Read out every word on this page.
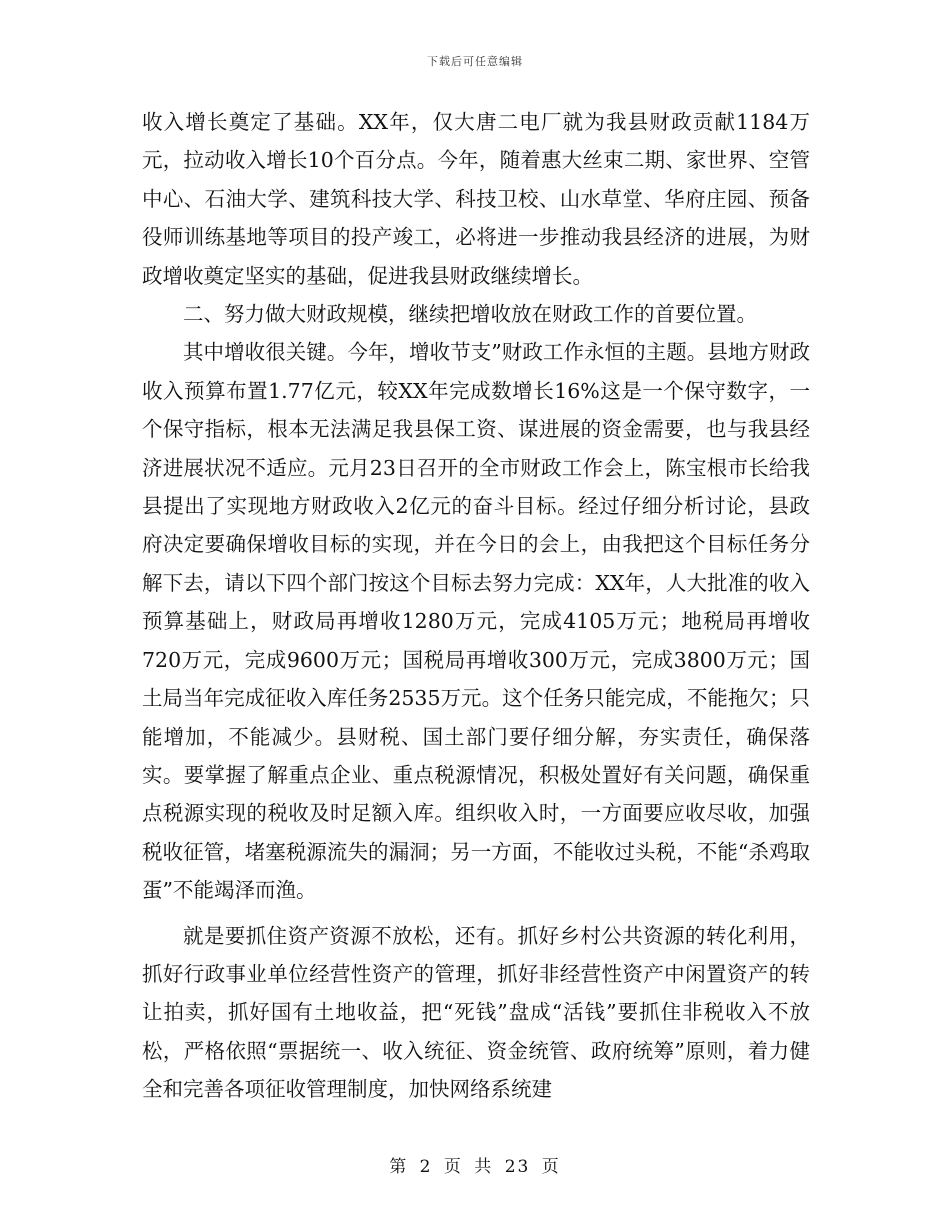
下载后可任意编辑

收入增长奠定了基础。XX年，仅大唐二电厂就为我县财政贡献1184万元，拉动收入增长10个百分点。今年，随着惠大丝束二期、家世界、空管中心、石油大学、建筑科技大学、科技卫校、山水草堂、华府庄园、预备役师训练基地等项目的投产竣工，必将进一步推动我县经济的进展，为财政增收奠定坚实的基础，促进我县财政继续增长。

二、努力做大财政规模，继续把增收放在财政工作的首要位置。

其中增收很关键。今年，增收节支”财政工作永恒的主题。县地方财政收入预算布置1.77亿元，较XX年完成数增长16%这是一个保守数字，一个保守指标，根本无法满足我县保工资、谋进展的资金需要，也与我县经济进展状况不适应。元月23日召开的全市财政工作会上，陈宝根市长给我县提出了实现地方财政收入2亿元的奋斗目标。经过仔细分析讨论，县政府决定要确保增收目标的实现，并在今日的会上，由我把这个目标任务分解下去，请以下四个部门按这个目标去努力完成：XX年，人大批准的收入预算基础上，财政局再增收1280万元，完成4105万元；地税局再增收720万元，完成9600万元；国税局再增收300万元，完成3800万元；国土局当年完成征收入库任务2535万元。这个任务只能完成，不能拖欠；只能增加，不能减少。县财税、国土部门要仔细分解，夯实责任，确保落实。要掌握了解重点企业、重点税源情况，积极处置好有关问题，确保重点税源实现的税收及时足额入库。组织收入时，一方面要应收尽收，加强税收征管，堵塞税源流失的漏洞；另一方面，不能收过头税，不能“杀鸡取蛋”不能竭泽而渔。

就是要抓住资产资源不放松，还有。抓好乡村公共资源的转化利用，抓好行政事业单位经营性资产的管理，抓好非经营性资产中闲置资产的转让拍卖，抓好国有土地收益，把“死钱”盘成“活钱”要抓住非税收入不放松，严格依照“票据统一、收入统征、资金统管、政府统筹”原则，着力健全和完善各项征收管理制度，加快网络系统建

第 2 页 共 23 页
